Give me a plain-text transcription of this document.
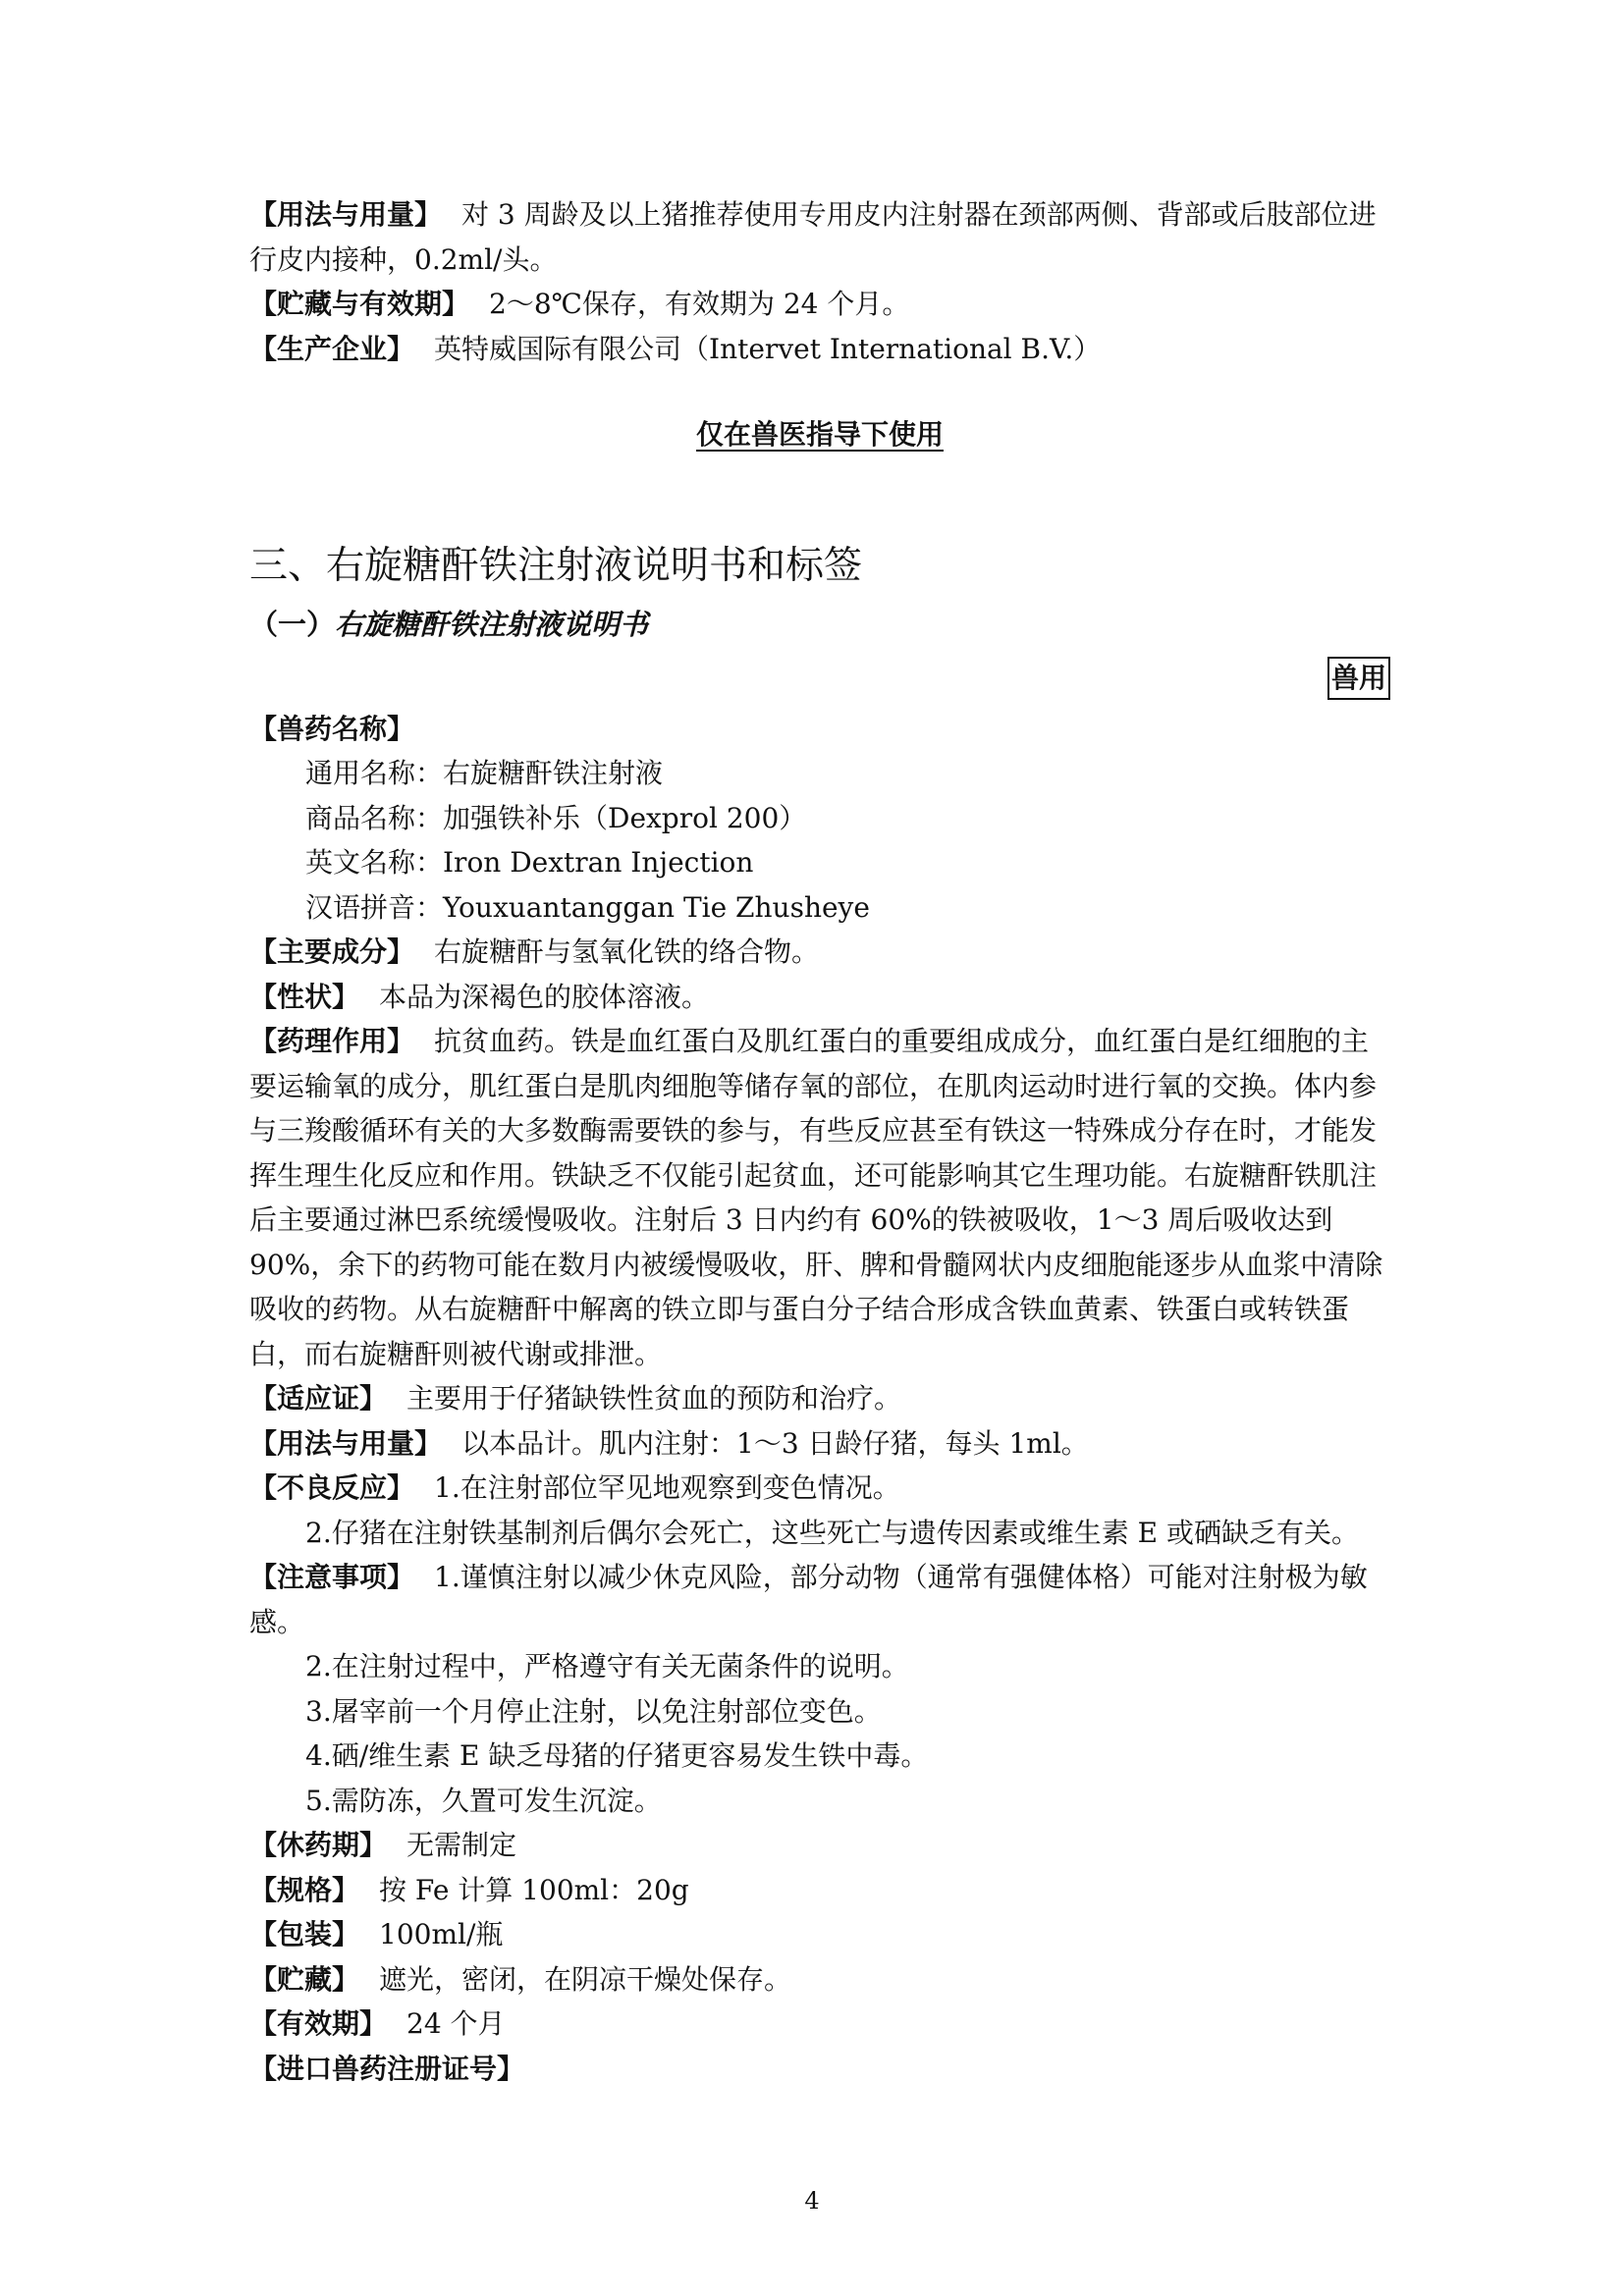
【用法与用量】 对 3 周龄及以上猪推荐使用专用皮内注射器在颈部两侧、背部或后肢部位进行皮内接种，0.2ml/头。

【贮藏与有效期】 2～8℃保存，有效期为 24 个月。

【生产企业】 英特威国际有限公司（Intervet International B.V.）

仅在兽医指导下使用

三、右旋糖酐铁注射液说明书和标签

（一）右旋糖酐铁注射液说明书

兽用

【兽药名称】

通用名称：右旋糖酐铁注射液

商品名称：加强铁补乐（Dexprol 200）

英文名称：Iron Dextran Injection

汉语拼音：Youxuantanggan Tie Zhusheye

【主要成分】 右旋糖酐与氢氧化铁的络合物。

【性状】 本品为深褐色的胶体溶液。

【药理作用】 抗贫血药。铁是血红蛋白及肌红蛋白的重要组成成分，血红蛋白是红细胞的主要运输氧的成分，肌红蛋白是肌肉细胞等储存氧的部位，在肌肉运动时进行氧的交换。体内参与三羧酸循环有关的大多数酶需要铁的参与，有些反应甚至有铁这一特殊成分存在时，才能发挥生理生化反应和作用。铁缺乏不仅能引起贫血，还可能影响其它生理功能。右旋糖酐铁肌注后主要通过淋巴系统缓慢吸收。注射后 3 日内约有 60%的铁被吸收，1～3 周后吸收达到 90%，余下的药物可能在数月内被缓慢吸收，肝、脾和骨髓网状内皮细胞能逐步从血浆中清除吸收的药物。从右旋糖酐中解离的铁立即与蛋白分子结合形成含铁血黄素、铁蛋白或转铁蛋白，而右旋糖酐则被代谢或排泄。

【适应证】 主要用于仔猪缺铁性贫血的预防和治疗。

【用法与用量】 以本品计。肌内注射：1～3 日龄仔猪，每头 1ml。

【不良反应】 1.在注射部位罕见地观察到变色情况。

2.仔猪在注射铁基制剂后偶尔会死亡，这些死亡与遗传因素或维生素 E 或硒缺乏有关。

【注意事项】 1.谨慎注射以减少休克风险，部分动物（通常有强健体格）可能对注射极为敏感。

2.在注射过程中，严格遵守有关无菌条件的说明。

3.屠宰前一个月停止注射，以免注射部位变色。

4.硒/维生素 E 缺乏母猪的仔猪更容易发生铁中毒。

5.需防冻，久置可发生沉淀。

【休药期】 无需制定

【规格】 按 Fe 计算 100ml：20g

【包装】 100ml/瓶

【贮藏】 遮光，密闭，在阴凉干燥处保存。

【有效期】 24 个月

【进口兽药注册证号】

4
